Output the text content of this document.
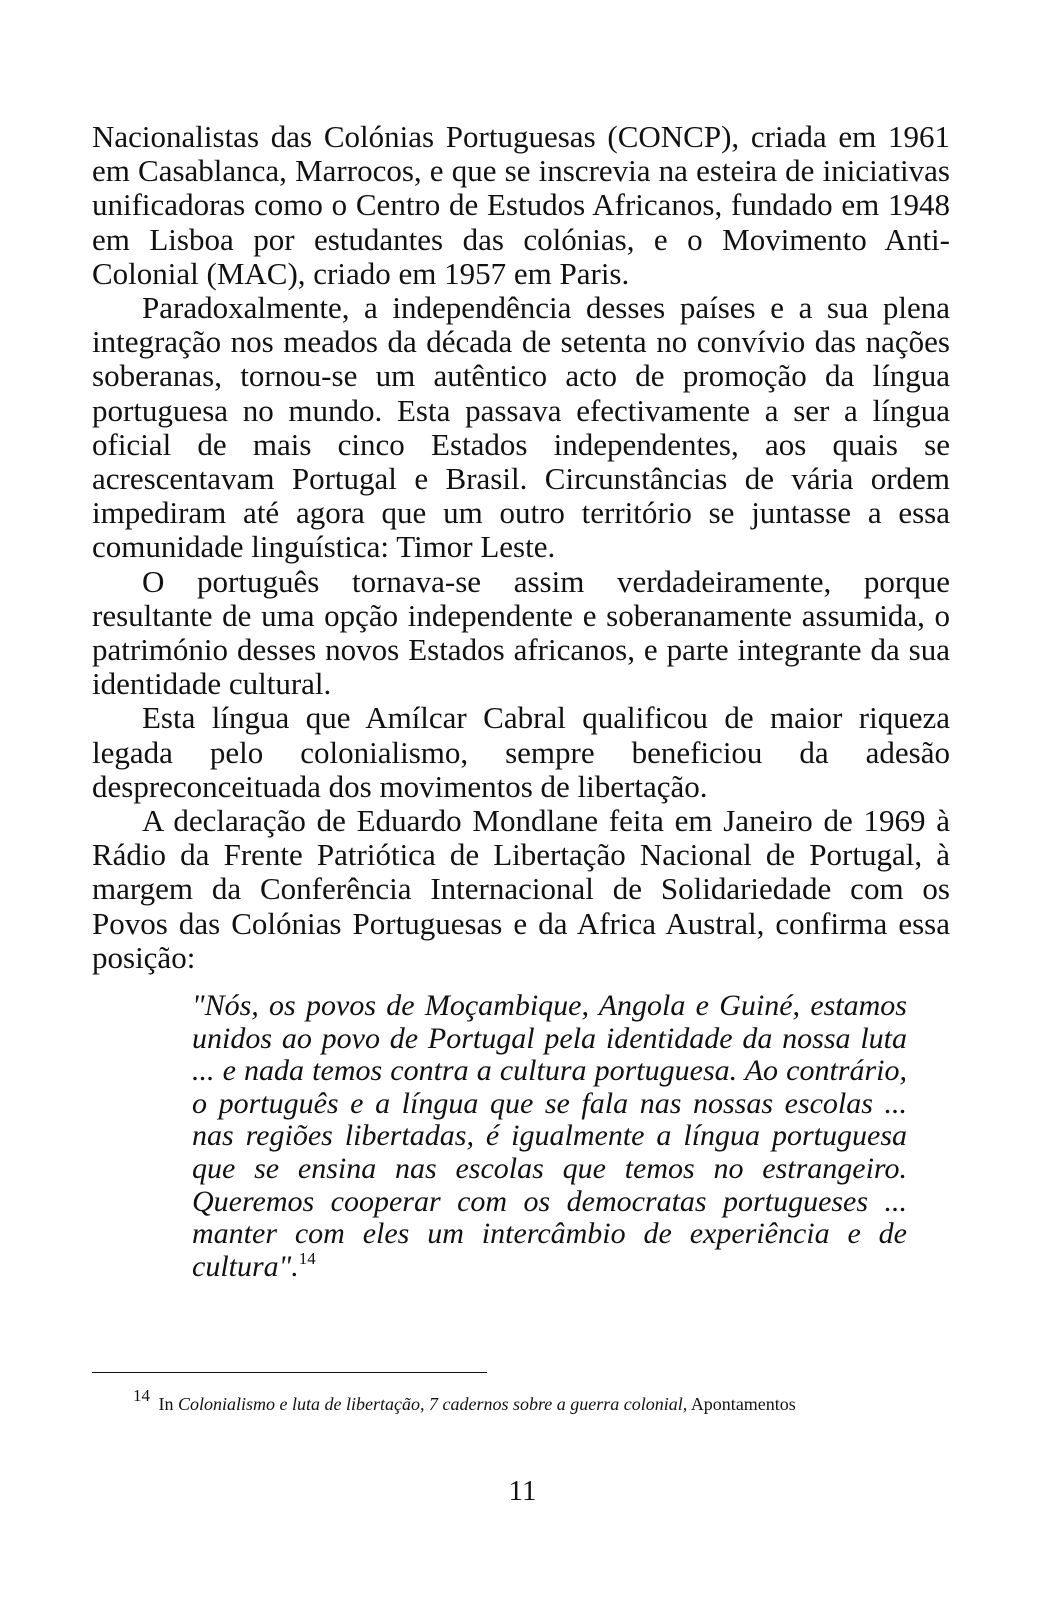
Nacionalistas das Colónias Portuguesas (CONCP), criada em 1961 em Casablanca, Marrocos, e que se inscrevia na esteira de iniciativas unificadoras como o Centro de Estudos Africanos, fundado em 1948 em Lisboa por estudantes das colónias, e o Movimento Anti-Colonial (MAC), criado em 1957 em Paris.

Paradoxalmente, a independência desses países e a sua plena integração nos meados da década de setenta no convívio das nações soberanas, tornou-se um autêntico acto de promoção da língua portuguesa no mundo. Esta passava efectivamente a ser a língua oficial de mais cinco Estados independentes, aos quais se acrescentavam Portugal e Brasil. Circunstâncias de vária ordem impediram até agora que um outro território se juntasse a essa comunidade linguística: Timor Leste.

O português tornava-se assim verdadeiramente, porque resultante de uma opção independente e soberanamente assumida, o património desses novos Estados africanos, e parte integrante da sua identidade cultural.

Esta língua que Amílcar Cabral qualificou de maior riqueza legada pelo colonialismo, sempre beneficiou da adesão despreconceituada dos movimentos de libertação.

A declaração de Eduardo Mondlane feita em Janeiro de 1969 à Rádio da Frente Patriótica de Libertação Nacional de Portugal, à margem da Conferência Internacional de Solidariedade com os Povos das Colónias Portuguesas e da Africa Austral, confirma essa posição:

"Nós, os povos de Moçambique, Angola e Guiné, estamos unidos ao povo de Portugal pela identidade da nossa luta ... e nada temos contra a cultura portuguesa. Ao contrário, o português e a língua que se fala nas nossas escolas ... nas regiões libertadas, é igualmente a língua portuguesa que se ensina nas escolas que temos no estrangeiro. Queremos cooperar com os democratas portugueses ... manter com eles um intercâmbio de experiência e de cultura".$^{14}$

14 In Colonialismo e luta de libertação, 7 cadernos sobre a guerra colonial, Apontamentos
11
